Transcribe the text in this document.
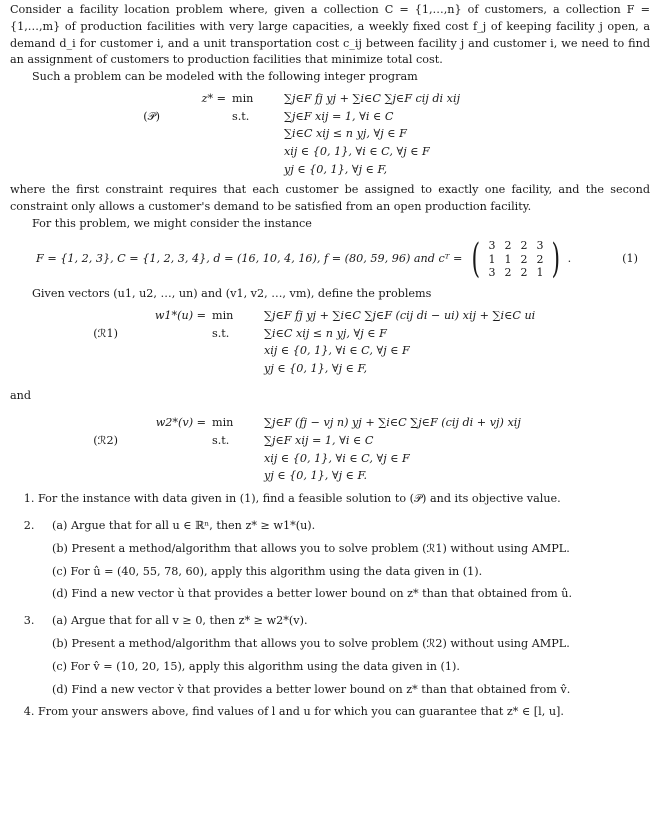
Consider a facility location problem where, given a collection C = {1,…,n} of customers, a collection F = {1,…,m} of production facilities with very large capacities, a weekly fixed cost f_j of keeping facility j open, a demand d_i for customer i, and a unit transportation cost c_ij between facility j and customer i, we need to find an assignment of customers to production facilities that minimize total cost.

Such a problem can be modeled with the following integer program

z* = min	∑j∈F fj yj + ∑i∈C ∑j∈F cij di xij
(𝒫)	s.t.	∑j∈F xij = 1, ∀i ∈ C
∑i∈C xij ≤ n yj, ∀j ∈ F
xij ∈ {0, 1}, ∀i ∈ C, ∀j ∈ F
yj ∈ {0, 1}, ∀j ∈ F,

where the first constraint requires that each customer be assigned to exactly one facility, and the second constraint only allows a customer's demand to be satisfied from an open production facility.

For this problem, we might consider the instance

F = {1, 2, 3}, C = {1, 2, 3, 4}, d = (16, 10, 4, 16), f = (80, 59, 96) and cᵀ = ( 3 2 2 3
1 1 2 2
3 2 2 1 ) .	(1)

Given vectors (u1, u2, …, un) and (v1, v2, …, vm), define the problems

w1*(u) = min	∑j∈F fj yj + ∑i∈C ∑j∈F (cij di − ui) xij + ∑i∈C ui
(ℛ1)	s.t.	∑i∈C xij ≤ n yj, ∀j ∈ F
xij ∈ {0, 1}, ∀i ∈ C, ∀j ∈ F
yj ∈ {0, 1}, ∀j ∈ F,

and

w2*(v) = min	∑j∈F (fj − vj n) yj + ∑i∈C ∑j∈F (cij di + vj) xij
(ℛ2)	s.t.	∑j∈F xij = 1, ∀i ∈ C
xij ∈ {0, 1}, ∀i ∈ C, ∀j ∈ F
yj ∈ {0, 1}, ∀j ∈ F.
1. For the instance with data given in (1), find a feasible solution to (𝒫) and its objective value.
2. (a) Argue that for all u ∈ ℝⁿ, then z* ≥ w1*(u).
(b) Present a method/algorithm that allows you to solve problem (ℛ1) without using AMPL.
(c) For û = (40, 55, 78, 60), apply this algorithm using the data given in (1).
(d) Find a new vector ù that provides a better lower bound on z* than that obtained from û.
3. (a) Argue that for all v ≥ 0, then z* ≥ w2*(v).
(b) Present a method/algorithm that allows you to solve problem (ℛ2) without using AMPL.
(c) For v̂ = (10, 20, 15), apply this algorithm using the data given in (1).
(d) Find a new vector v̀ that provides a better lower bound on z* than that obtained from v̂.
4. From your answers above, find values of l and u for which you can guarantee that z* ∈ [l, u].
